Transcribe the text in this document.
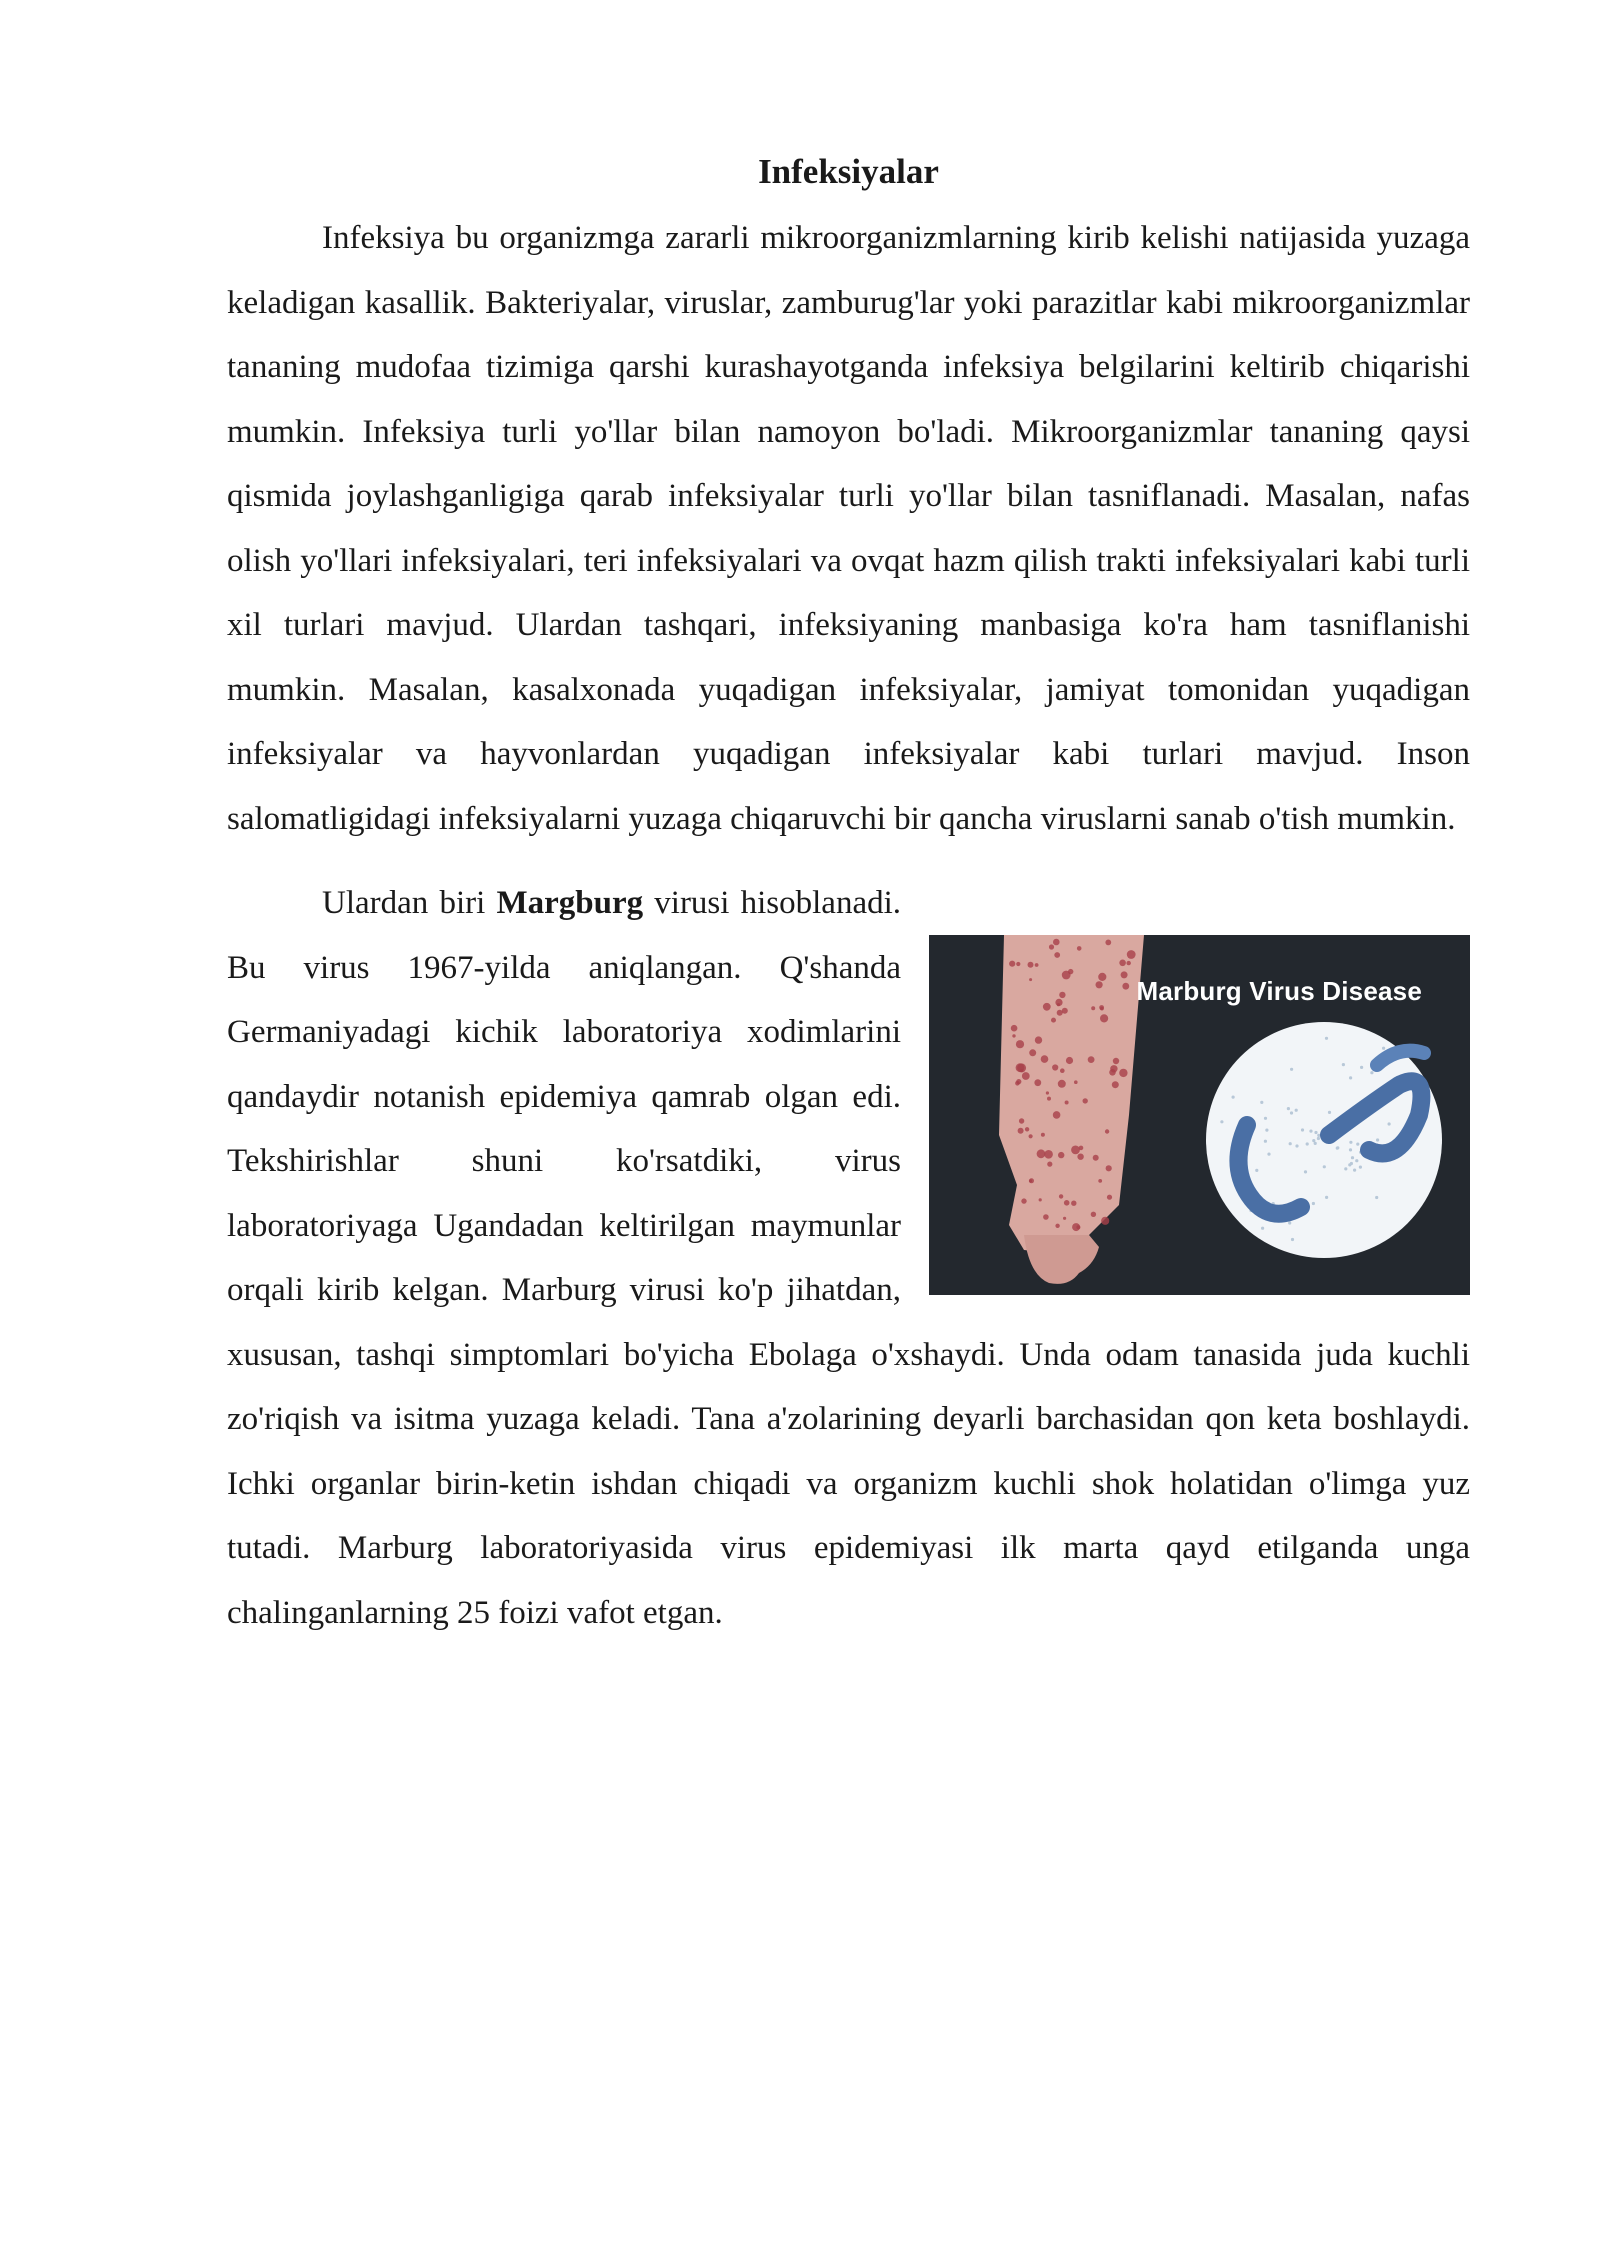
Infeksiyalar

Infeksiya bu organizmga zararli mikroorganizmlarning kirib kelishi natijasida yuzaga keladigan kasallik. Bakteriyalar, viruslar, zamburug'lar yoki parazitlar kabi mikroorganizmlar tananing mudofaa tizimiga qarshi kurashayotganda infeksiya belgilarini keltirib chiqarishi mumkin. Infeksiya turli yo'llar bilan namoyon bo'ladi. Mikroorganizmlar tananing qaysi qismida joylashganligiga qarab infeksiyalar turli yo'llar bilan tasniflanadi. Masalan, nafas olish yo'llari infeksiyalari, teri infeksiyalari va ovqat hazm qilish trakti infeksiyalari kabi turli xil turlari mavjud. Ulardan tashqari, infeksiyaning manbasiga ko'ra ham tasniflanishi mumkin. Masalan, kasalxonada yuqadigan infeksiyalar, jamiyat tomonidan yuqadigan infeksiyalar va hayvonlardan yuqadigan infeksiyalar kabi turlari mavjud. Inson salomatligidagi infeksiyalarni yuzaga chiqaruvchi bir qancha viruslarni sanab o'tish mumkin.

Marburg Virus Disease
Ulardan biri Margburg virusi hisoblanadi. Bu virus 1967-yilda aniqlangan. Q'shanda Germaniyadagi kichik laboratoriya xodimlarini qandaydir notanish epidemiya qamrab olgan edi. Tekshirishlar shuni ko'rsatdiki, virus laboratoriyaga Ugandadan keltirilgan maymunlar orqali kirib kelgan. Marburg virusi ko'p jihatdan, xususan, tashqi simptomlari bo'yicha Ebolaga o'xshaydi. Unda odam tanasida juda kuchli zo'riqish va isitma yuzaga keladi. Tana a'zolarining deyarli barchasidan qon keta boshlaydi. Ichki organlar birin-ketin ishdan chiqadi va organizm kuchli shok holatidan o'limga yuz tutadi. Marburg laboratoriyasida virus epidemiyasi ilk marta qayd etilganda unga chalinganlarning 25 foizi vafot etgan.
